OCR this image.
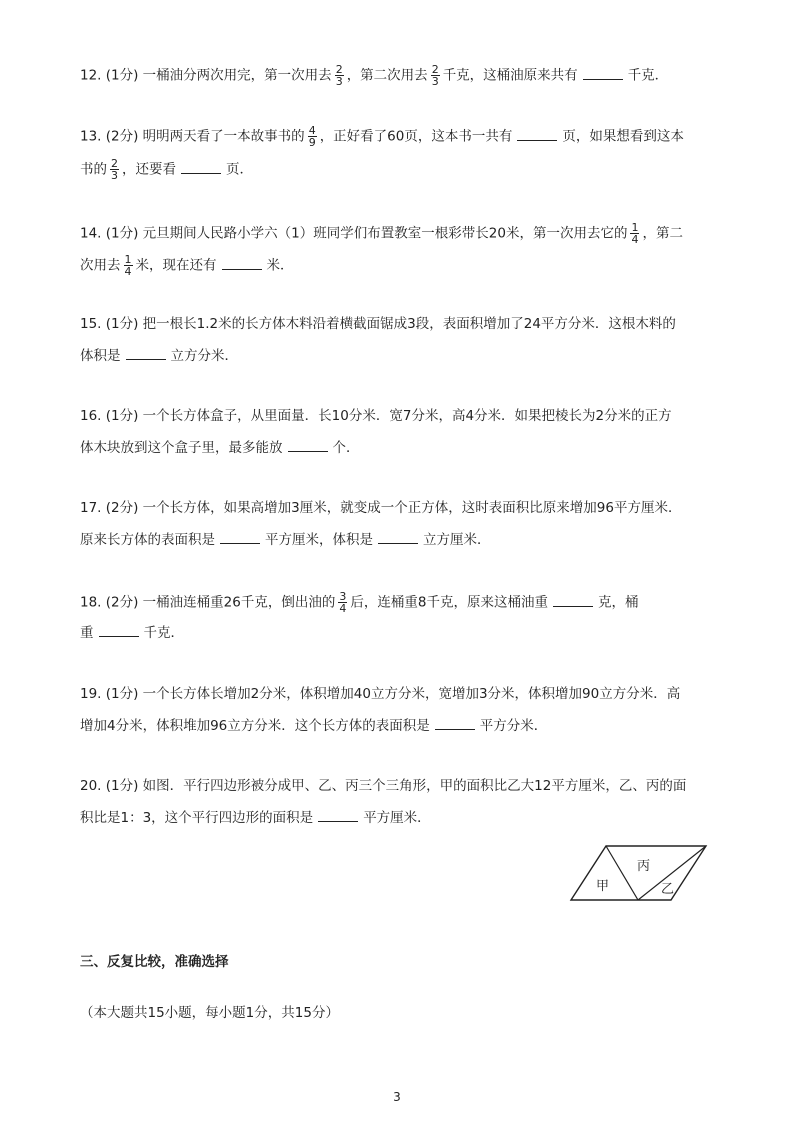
12. (1分) 一桶油分两次用完，第一次用去 $\frac{2}{3}$ ，第二次用去 $\frac{2}{3}$ 千克，这桶油原来共有	千克．
13. (2分) 明明两天看了一本故事书的 $\frac{4}{9}$ ，正好看了60页，这本书一共有	页，如果想看到这本
书的 $\frac{2}{3}$ ，还要看	页．
14. (1分) 元旦期间人民路小学六（1）班同学们布置教室一根彩带长20米，第一次用去它的 $\frac{1}{4}$ ，第二
次用去 $\frac{1}{4}$ 米，现在还有	米．
15. (1分) 把一根长1.2米的长方体木料沿着横截面锯成3段，表面积增加了24平方分米．这根木料的
体积是	立方分米．
16. (1分) 一个长方体盒子，从里面量．长10分米．宽7分米，高4分米．如果把棱长为2分米的正方
体木块放到这个盒子里，最多能放	个．
17. (2分) 一个长方体，如果高增加3厘米，就变成一个正方体，这时表面积比原来增加96平方厘米．
原来长方体的表面积是	平方厘米，体积是	立方厘米．
18. (2分) 一桶油连桶重26千克，倒出油的 $\frac{3}{4}$ 后，连桶重8千克，原来这桶油重	克，桶
重	千克．
19. (1分) 一个长方体长增加2分米，体积增加40立方分米，宽增加3分米，体积增加90立方分米．高
增加4分米，体积堆加96立方分米．这个长方体的表面积是	平方分米．
20. (1分) 如图．平行四边形被分成甲、乙、丙三个三角形，甲的面积比乙大12平方厘米，乙、丙的面
积比是1：3，这个平行四边形的面积是	平方厘米．
甲
丙
乙
三、反复比较，准确选择
（本大题共15小题，每小题1分，共15分）
3
